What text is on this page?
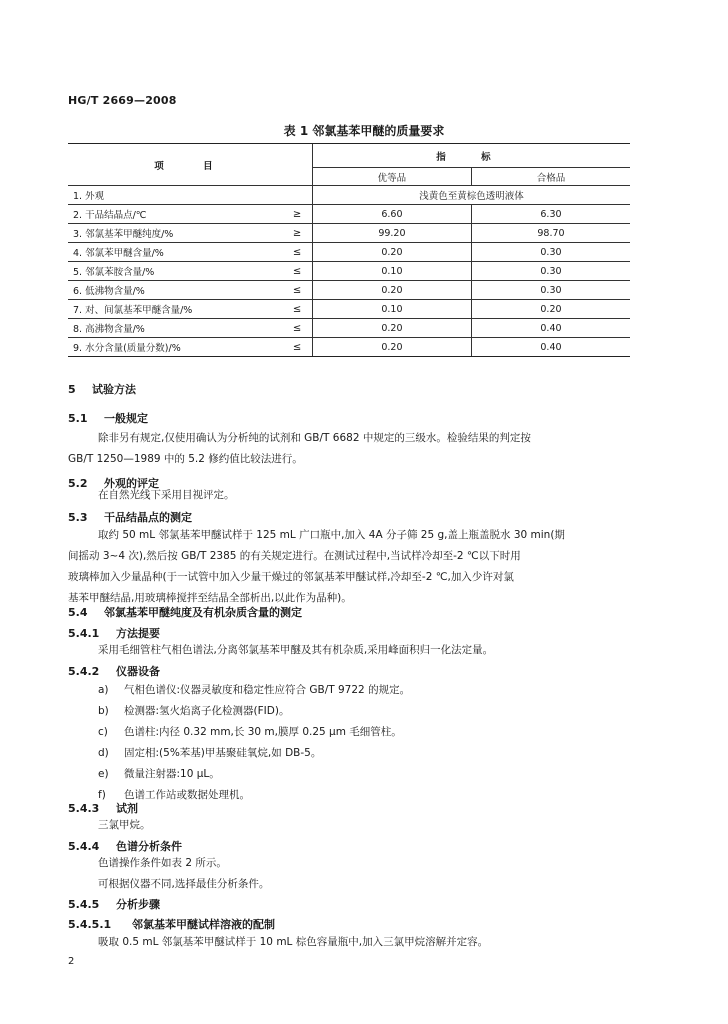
HG/T 2669—2008
表 1 邻氯基苯甲醚的质量要求
项 目		指 标	
		优等品	合格品
1. 外观		浅黄色至黄棕色透明液体	
2. 干品结晶点/℃	≥	6.60	6.30
3. 邻氯基苯甲醚纯度/%	≥	99.20	98.70
4. 邻氯苯甲醚含量/%	≤	0.20	0.30
5. 邻氯苯胺含量/%	≤	0.10	0.30
6. 低沸物含量/%	≤	0.20	0.30
7. 对、间氯基苯甲醚含量/%	≤	0.10	0.20
8. 高沸物含量/%	≤	0.20	0.40
9. 水分含量(质量分数)/%	≤	0.20	0.40
5 试验方法
5.1 一般规定
除非另有规定,仅使用确认为分析纯的试剂和 GB/T 6682 中规定的三级水。检验结果的判定按
GB/T 1250—1989 中的 5.2 修约值比较法进行。
5.2 外观的评定
在自然光线下采用目视评定。
5.3 干品结晶点的测定
取约 50 mL 邻氯基苯甲醚试样于 125 mL 广口瓶中,加入 4A 分子筛 25 g,盖上瓶盖脱水 30 min(期
间摇动 3~4 次),然后按 GB/T 2385 的有关规定进行。在测试过程中,当试样冷却至-2 ℃以下时用
玻璃棒加入少量晶种(于一试管中加入少量干燥过的邻氯基苯甲醚试样,冷却至-2 ℃,加入少许对氯
基苯甲醚结晶,用玻璃棒搅拌至结晶全部析出,以此作为晶种)。
5.4 邻氯基苯甲醚纯度及有机杂质含量的测定
5.4.1 方法提要
采用毛细管柱气相色谱法,分离邻氯基苯甲醚及其有机杂质,采用峰面积归一化法定量。
5.4.2 仪器设备
a) 气相色谱仪:仪器灵敏度和稳定性应符合 GB/T 9722 的规定。
b) 检测器:氢火焰离子化检测器(FID)。
c) 色谱柱:内径 0.32 mm,长 30 m,膜厚 0.25 μm 毛细管柱。
d) 固定相:(5%苯基)甲基聚硅氧烷,如 DB-5。
e) 微量注射器:10 μL。
f) 色谱工作站或数据处理机。
5.4.3 试剂
三氯甲烷。
5.4.4 色谱分析条件
色谱操作条件如表 2 所示。
可根据仪器不同,选择最佳分析条件。
5.4.5 分析步骤
5.4.5.1 邻氯基苯甲醚试样溶液的配制
吸取 0.5 mL 邻氯基苯甲醚试样于 10 mL 棕色容量瓶中,加入三氯甲烷溶解并定容。
2
